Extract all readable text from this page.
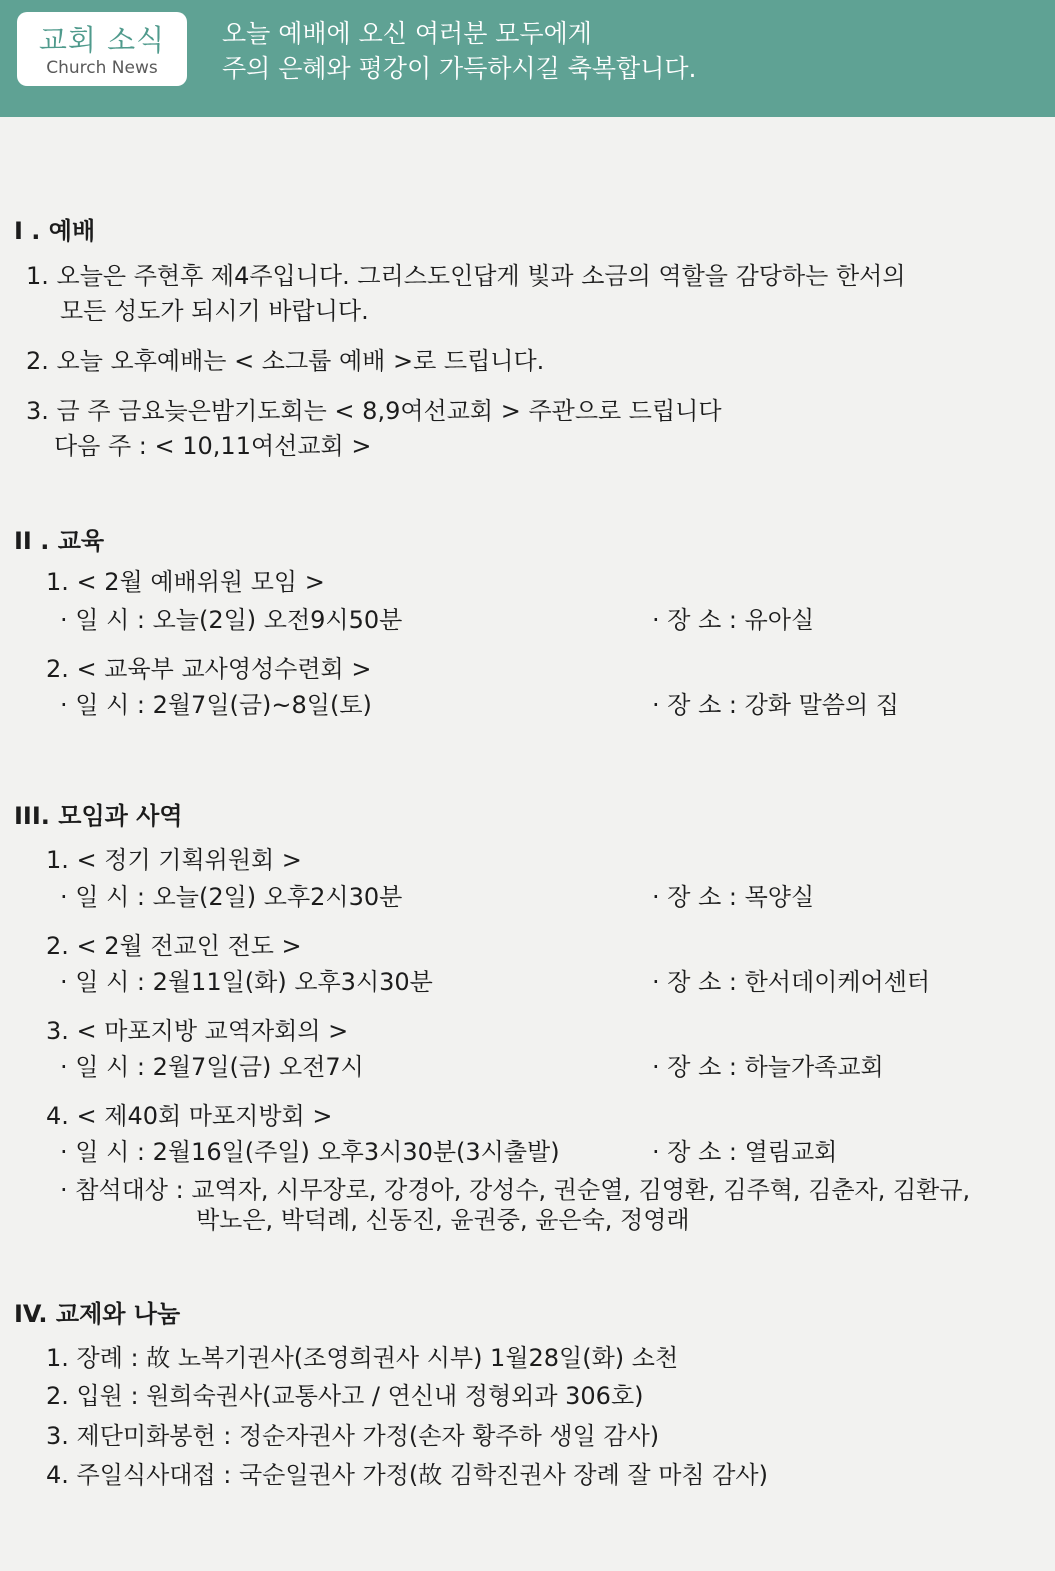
교회 소식
Church News
오늘 예배에 오신 여러분 모두에게
주의 은혜와 평강이 가득하시길 축복합니다.
I . 예배
1. 오늘은 주현후 제4주입니다. 그리스도인답게 빛과 소금의 역할을 감당하는 한서의
모든 성도가 되시기 바랍니다.
2. 오늘 오후예배는 < 소그룹 예배 >로 드립니다.
3. 금 주 금요늦은밤기도회는 < 8,9여선교회 > 주관으로 드립니다
다음 주 : < 10,11여선교회 >
II . 교육
1. < 2월 예배위원 모임 >
· 일 시 : 오늘(2일) 오전9시50분	· 장 소 : 유아실
2. < 교육부 교사영성수련회 >
· 일 시 : 2월7일(금)~8일(토)	· 장 소 : 강화 말씀의 집
III. 모임과 사역
1. < 정기 기획위원회 >
· 일 시 : 오늘(2일) 오후2시30분	· 장 소 : 목양실
2. < 2월 전교인 전도 >
· 일 시 : 2월11일(화) 오후3시30분	· 장 소 : 한서데이케어센터
3. < 마포지방 교역자회의 >
· 일 시 : 2월7일(금) 오전7시	· 장 소 : 하늘가족교회
4. < 제40회 마포지방회 >
· 일 시 : 2월16일(주일) 오후3시30분(3시출발)	· 장 소 : 열림교회
· 참석대상 : 교역자, 시무장로, 강경아, 강성수, 권순열, 김영환, 김주혁, 김춘자, 김환규,
박노은, 박덕례, 신동진, 윤권중, 윤은숙, 정영래
IV. 교제와 나눔
1. 장례 : 故 노복기권사(조영희권사 시부) 1월28일(화) 소천
2. 입원 : 원희숙권사(교통사고 / 연신내 정형외과 306호)
3. 제단미화봉헌 : 정순자권사 가정(손자 황주하 생일 감사)
4. 주일식사대접 : 국순일권사 가정(故 김학진권사 장례 잘 마침 감사)
